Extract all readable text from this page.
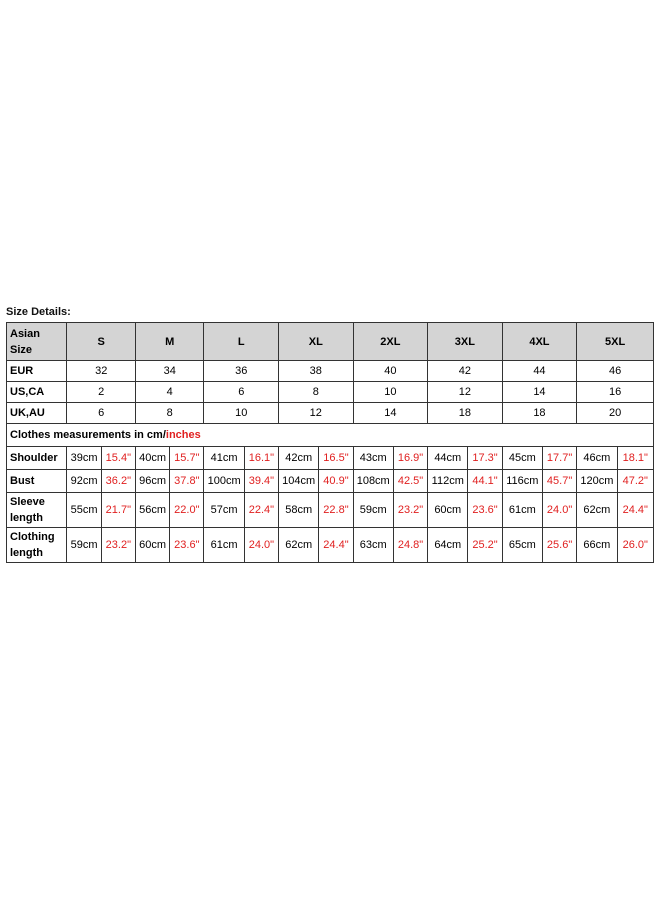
Size Details:
Asian
Size	S		M		L		XL		2XL		3XL		4XL		5XL	
EUR	32		34		36		38		40		42		44		46	
US,CA	2		4		6		8		10		12		14		16	
UK,AU	6		8		10		12		14		18		18		20	
Clothes measurements in cm/inches																
Shoulder	39cm	15.4"	40cm	15.7"	41cm	16.1"	42cm	16.5"	43cm	16.9"	44cm	17.3"	45cm	17.7"	46cm	18.1"
Bust	92cm	36.2"	96cm	37.8"	100cm	39.4"	104cm	40.9"	108cm	42.5"	112cm	44.1"	116cm	45.7"	120cm	47.2"
Sleeve
length	55cm	21.7"	56cm	22.0"	57cm	22.4"	58cm	22.8"	59cm	23.2"	60cm	23.6"	61cm	24.0"	62cm	24.4"
Clothing
length	59cm	23.2"	60cm	23.6"	61cm	24.0"	62cm	24.4"	63cm	24.8"	64cm	25.2"	65cm	25.6"	66cm	26.0"
